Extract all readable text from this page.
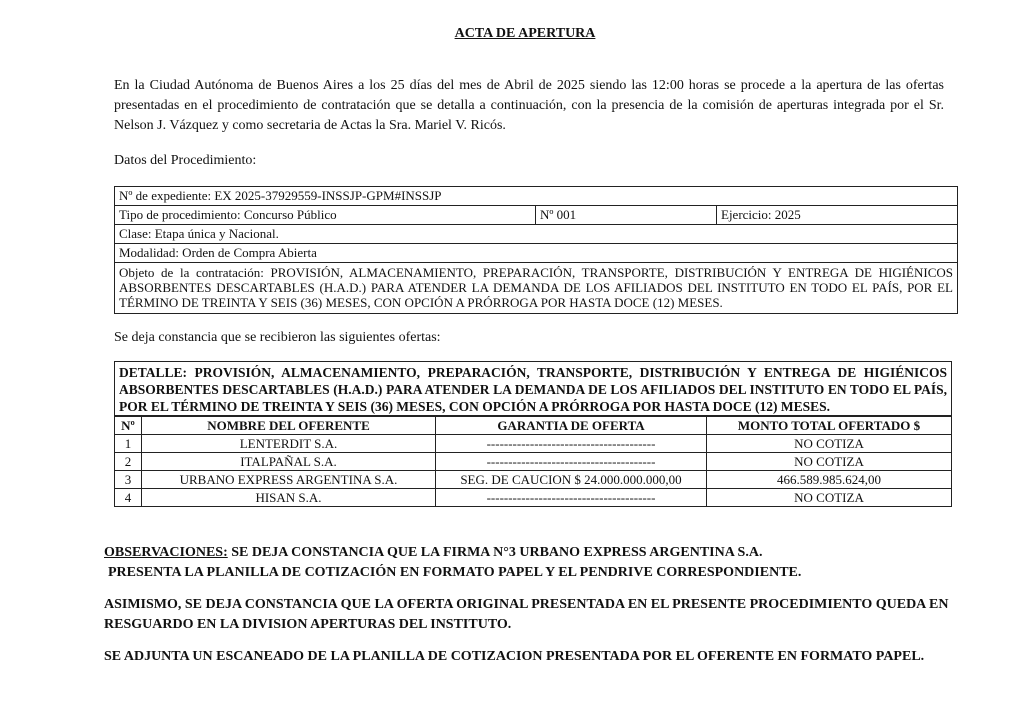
ACTA DE APERTURA
En la Ciudad Autónoma de Buenos Aires a los 25 días del mes de Abril de 2025 siendo las 12:00 horas se procede a la apertura de las ofertas presentadas en el procedimiento de contratación que se detalla a continuación, con la presencia de la comisión de aperturas integrada por el Sr. Nelson J. Vázquez y como secretaria de Actas la Sra. Mariel V. Ricós.
Datos del Procedimiento:
Nº de expediente: EX 2025-37929559-INSSJP-GPM#INSSJP
Tipo de procedimiento: Concurso Público	Nº 001	Ejercicio: 2025
Clase: Etapa única y Nacional.
Modalidad: Orden de Compra Abierta
Objeto de la contratación: PROVISIÓN, ALMACENAMIENTO, PREPARACIÓN, TRANSPORTE, DISTRIBUCIÓN Y ENTREGA DE HIGIÉNICOS ABSORBENTES DESCARTABLES (H.A.D.) PARA ATENDER LA DEMANDA DE LOS AFILIADOS DEL INSTITUTO EN TODO EL PAÍS, POR EL TÉRMINO DE TREINTA Y SEIS (36) MESES, CON OPCIÓN A PRÓRROGA POR HASTA DOCE (12) MESES.
Se deja constancia que se recibieron las siguientes ofertas:
DETALLE: PROVISIÓN, ALMACENAMIENTO, PREPARACIÓN, TRANSPORTE, DISTRIBUCIÓN Y ENTREGA DE HIGIÉNICOS ABSORBENTES DESCARTABLES (H.A.D.) PARA ATENDER LA DEMANDA DE LOS AFILIADOS DEL INSTITUTO EN TODO EL PAÍS, POR EL TÉRMINO DE TREINTA Y SEIS (36) MESES, CON OPCIÓN A PRÓRROGA POR HASTA DOCE (12) MESES.
Nº	NOMBRE DEL OFERENTE	GARANTIA DE OFERTA	MONTO TOTAL OFERTADO $
1	LENTERDIT S.A.	---------------------------------------	NO COTIZA
2	ITALPAÑAL S.A.	---------------------------------------	NO COTIZA
3	URBANO EXPRESS ARGENTINA S.A.	SEG. DE CAUCION $ 24.000.000.000,00	466.589.985.624,00
4	HISAN S.A.	---------------------------------------	NO COTIZA
OBSERVACIONES: SE DEJA CONSTANCIA QUE LA FIRMA N°3 URBANO EXPRESS ARGENTINA S.A.
PRESENTA LA PLANILLA DE COTIZACIÓN EN FORMATO PAPEL Y EL PENDRIVE CORRESPONDIENTE.
ASIMISMO, SE DEJA CONSTANCIA QUE LA OFERTA ORIGINAL PRESENTADA EN EL PRESENTE PROCEDIMIENTO QUEDA EN RESGUARDO EN LA DIVISION APERTURAS DEL INSTITUTO.
SE ADJUNTA UN ESCANEADO DE LA PLANILLA DE COTIZACION PRESENTADA POR EL OFERENTE EN FORMATO PAPEL.
